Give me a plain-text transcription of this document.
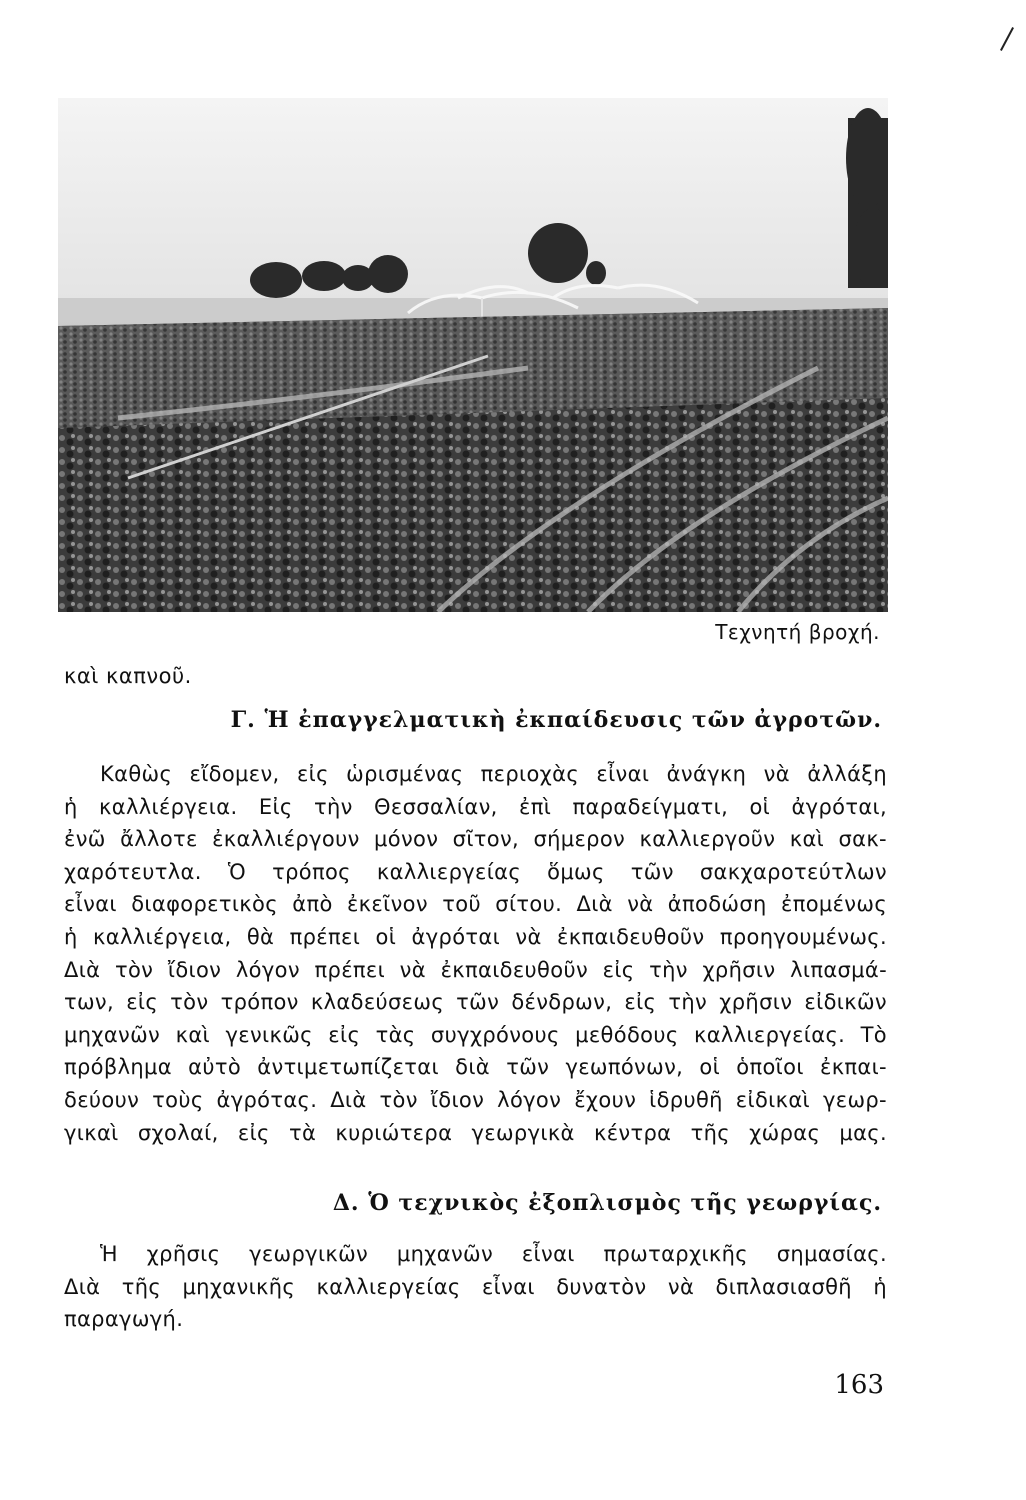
Τεχνητή βροχή.
καὶ καπνοῦ.
Γ. Ἡ ἐπαγγελματικὴ ἐκπαίδευσις τῶν ἀγροτῶν.
Καθὼς εἴδομεν, εἰς ὡρισμένας περιοχὰς εἶναι ἀνάγκη νὰ ἀλλάξη
ἡ καλλιέργεια. Εἰς τὴν Θεσσαλίαν, ἐπὶ παραδείγματι, οἱ ἀγρόται,
ἐνῶ ἄλλοτε ἐκαλλιέργουν μόνον σῖτον, σήμερον καλλιεργοῦν καὶ σακ-
χαρότευτλα. Ὁ τρόπος καλλιεργείας ὅμως τῶν σακχαροτεύτλων
εἶναι διαφορετικὸς ἀπὸ ἐκεῖνον τοῦ σίτου. Διὰ νὰ ἀποδώση ἐπομένως
ἡ καλλιέργεια, θὰ πρέπει οἱ ἀγρόται νὰ ἐκπαιδευθοῦν προηγουμένως.
Διὰ τὸν ἴδιον λόγον πρέπει νὰ ἐκπαιδευθοῦν εἰς τὴν χρῆσιν λιπασμά-
των, εἰς τὸν τρόπον κλαδεύσεως τῶν δένδρων, εἰς τὴν χρῆσιν εἰδικῶν
μηχανῶν καὶ γενικῶς εἰς τὰς συγχρόνους μεθόδους καλλιεργείας. Τὸ
πρόβλημα αὐτὸ ἀντιμετωπίζεται διὰ τῶν γεωπόνων, οἱ ὁποῖοι ἐκπαι-
δεύουν τοὺς ἀγρότας. Διὰ τὸν ἴδιον λόγον ἔχουν ἱδρυθῆ εἰδικαὶ γεωρ-
γικαὶ σχολαί, εἰς τὰ κυριώτερα γεωργικὰ κέντρα τῆς χώρας μας.
Δ. Ὁ τεχνικὸς ἐξοπλισμὸς τῆς γεωργίας.
Ἡ χρῆσις γεωργικῶν μηχανῶν εἶναι πρωταρχικῆς σημασίας.
Διὰ τῆς μηχανικῆς καλλιεργείας εἶναι δυνατὸν νὰ διπλασιασθῆ ἡ
παραγωγή.
163
